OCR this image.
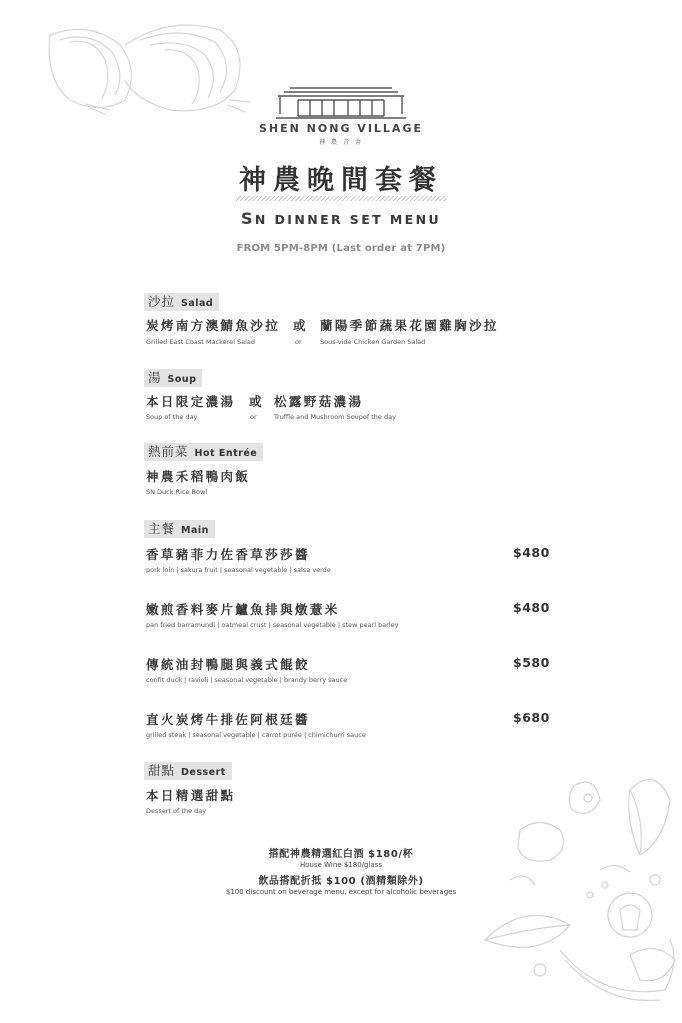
SHEN NONG VILLAGE
神 農 青 舍
神農晚間套餐
SN DINNER SET MENU
FROM 5PM-8PM (Last order at 7PM)
沙拉 Salad
炭烤南方澳鯖魚沙拉 或 蘭陽季節蔬果花園雞胸沙拉
Grilled East Coast Mackerel Salad	or	Sous-vide Chicken Garden Salad
湯 Soup
本日限定濃湯 或 松露野菇濃湯
Soup of the day	or	Truffle and Mushroom Soupof the day
熱前菜 Hot Entrée
神農禾稻鴨肉飯
SN Duck Rice Bowl
主餐 Main
香草豬菲力佐香草莎莎醬	$480
pork loin | sakura fruit | seasonal vegetable | salsa verde
嫩煎香料麥片鱸魚排與燉薏米	$480
pan fried barramundi | oatmeal crust | seasonal vegetable | stew pearl barley
傳統油封鴨腿與義式餛餃	$580
confit duck | ravioli | seasonal vegetable | brandy berry sauce
直火炭烤牛排佐阿根廷醬	$680
grilled steak | seasonal vegetable | carrot purée | chimichurri sauce
甜點 Dessert
本日精選甜點
Dessert of the day
搭配神農精選紅白酒 $180/杯
House Wine $180/glass
飲品搭配折抵 $100 (酒精類除外)
$100 discount on beverage menu, except for alcoholic beverages
